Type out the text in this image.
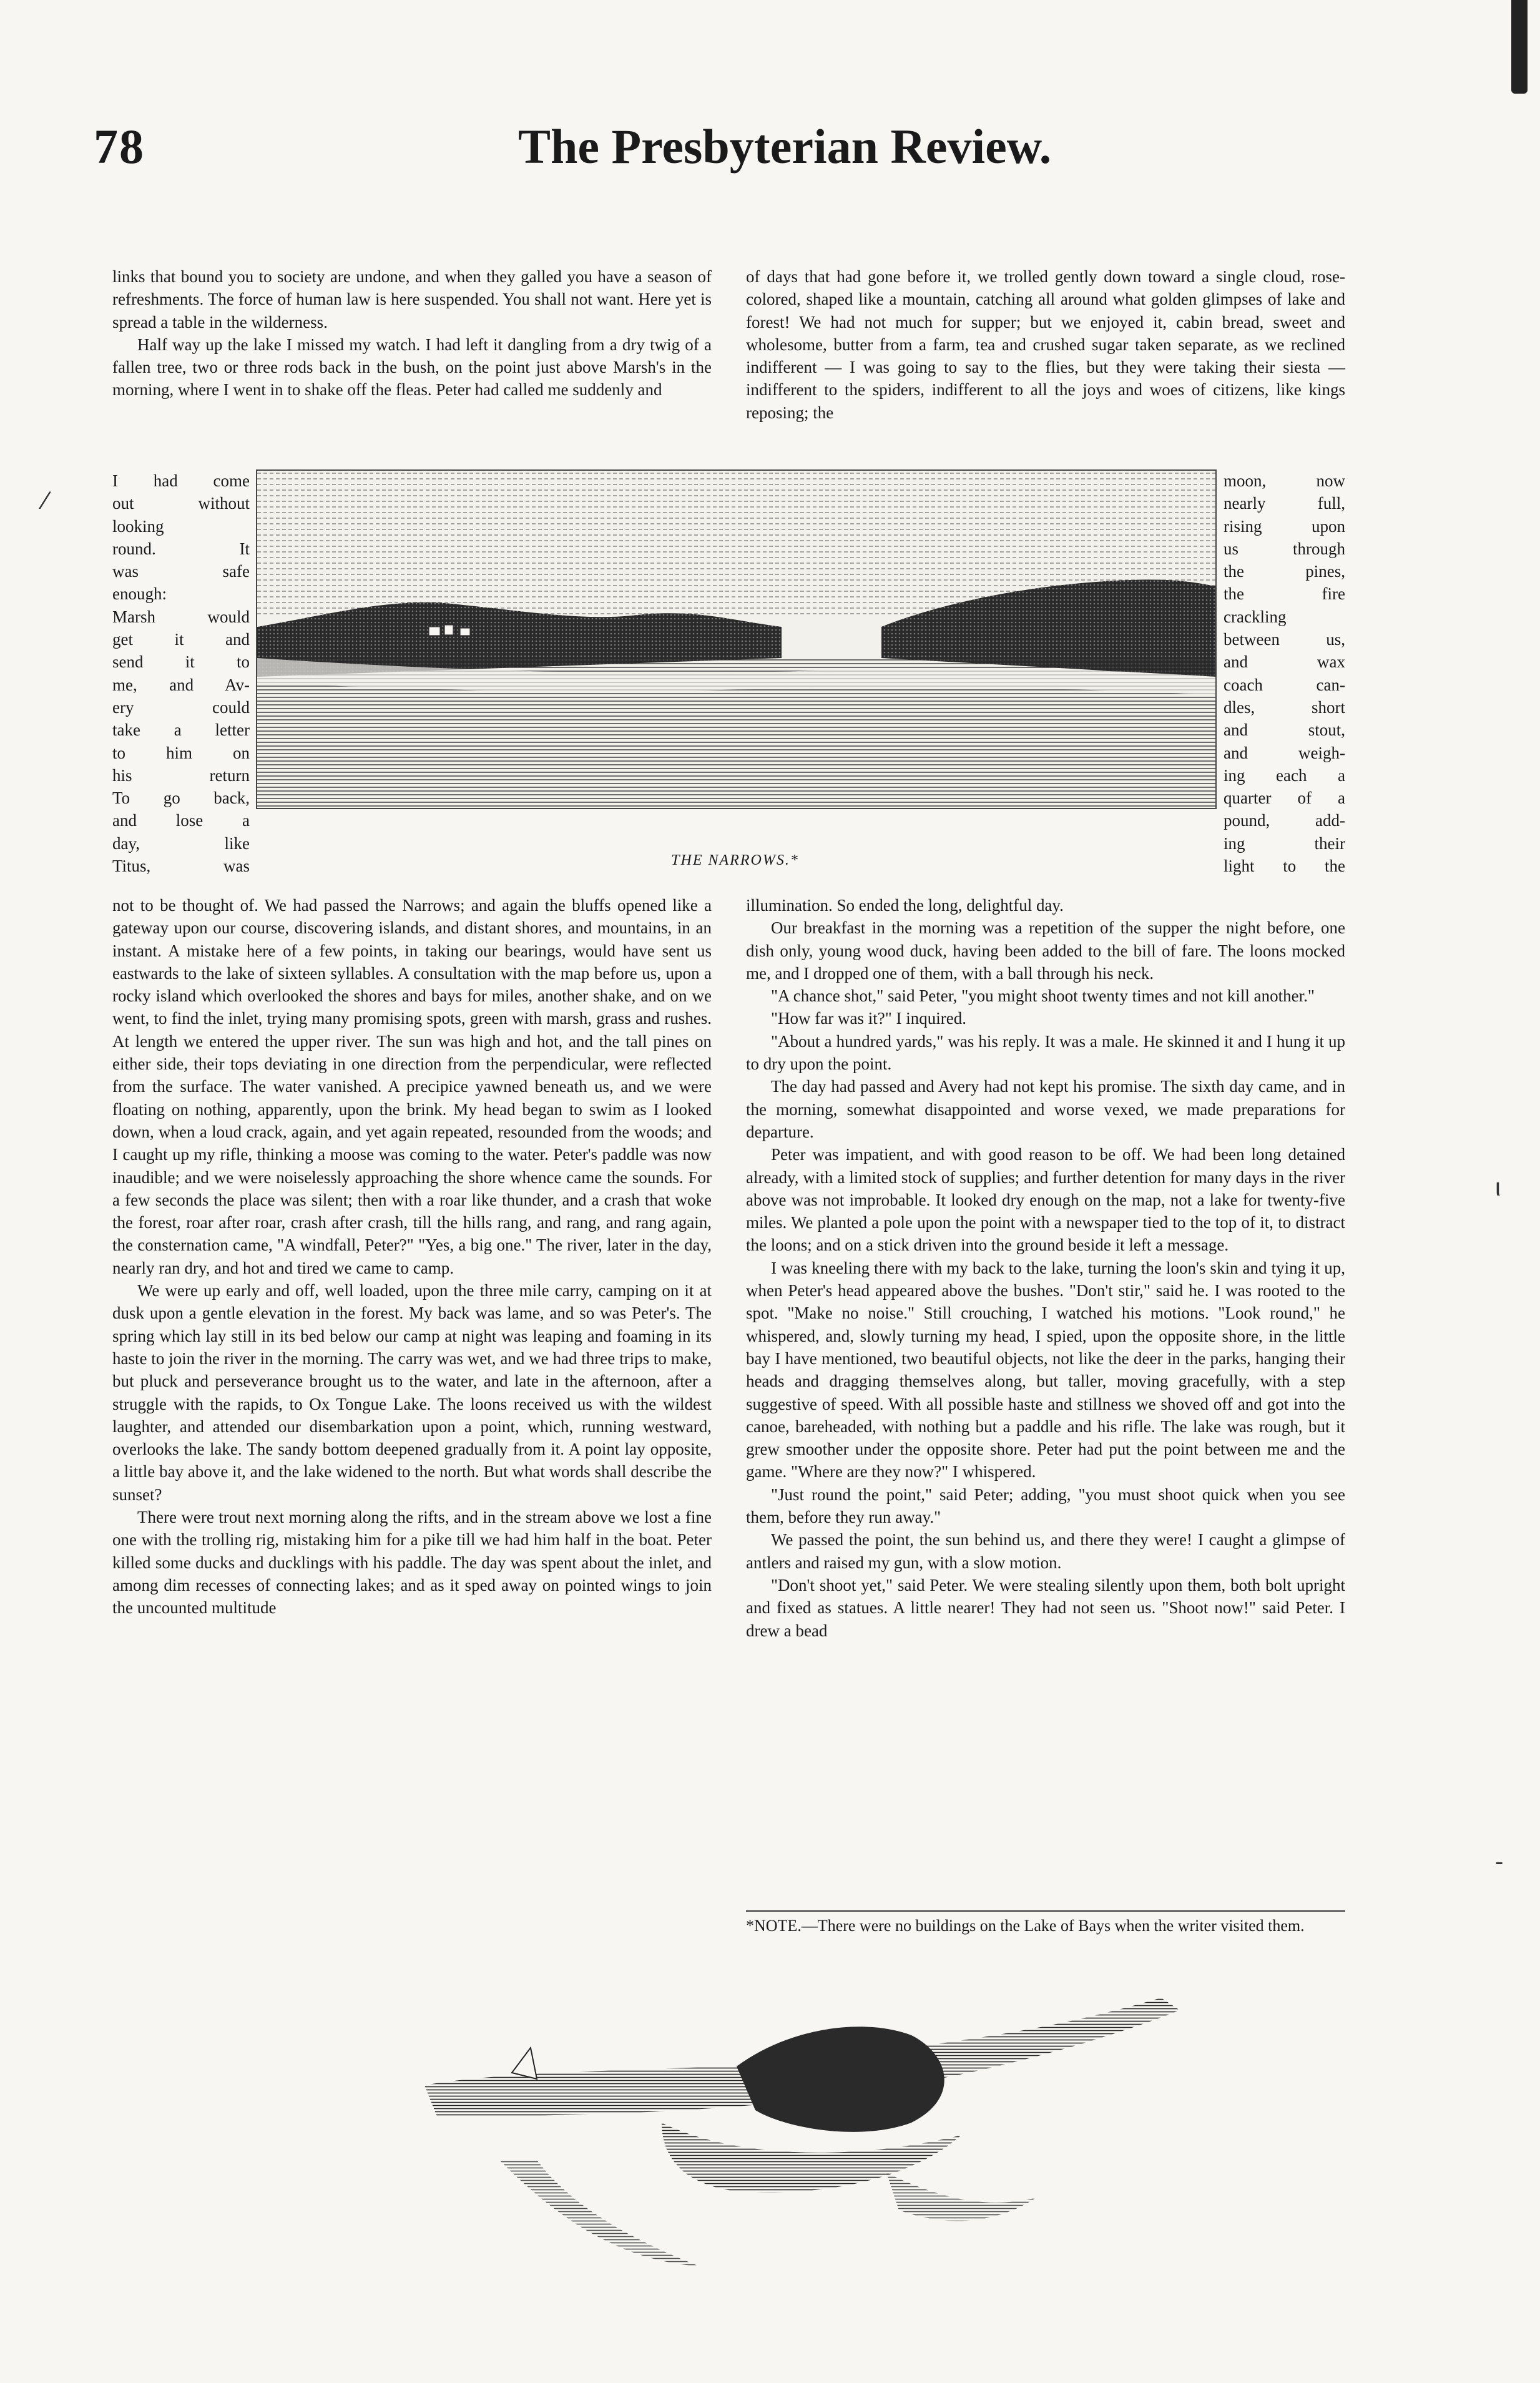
78	The Presbyterian Review.

links that bound you to society are undone, and when they galled you have a season of refreshments. The force of human law is here suspended. You shall not want. Here yet is spread a table in the wilderness.

Half way up the lake I missed my watch. I had left it dangling from a dry twig of a fallen tree, two or three rods back in the bush, on the point just above Marsh's in the morning, where I went in to shake off the fleas. Peter had called me suddenly and

of days that had gone before it, we trolled gently down toward a single cloud, rose-colored, shaped like a mountain, catching all around what golden glimpses of lake and forest! We had not much for supper; but we enjoyed it, cabin bread, sweet and wholesome, butter from a farm, tea and crushed sugar taken separate, as we reclined indifferent — I was going to say to the flies, but they were taking their siesta — indifferent to the spiders, indifferent to all the joys and woes of citizens, like kings reposing; the

I had come
out without
looking
round. It
was safe
enough:
Marsh would
get it and
send it to
me, and Av-
ery could
take a letter
to him on
his return
To go back,
and lose a
day, like
Titus, was
moon, now
nearly full,
rising upon
us through
the pines,
the fire
crackling
between us,
and wax
coach can-
dles, short
and stout,
and weigh-
ing each a
quarter of a
pound, add-
ing their
light to the
THE NARROWS.*

not to be thought of. We had passed the Narrows; and again the bluffs opened like a gateway upon our course, discovering islands, and distant shores, and mountains, in an instant. A mistake here of a few points, in taking our bearings, would have sent us eastwards to the lake of sixteen syllables. A consultation with the map before us, upon a rocky island which overlooked the shores and bays for miles, another shake, and on we went, to find the inlet, trying many promising spots, green with marsh, grass and rushes. At length we entered the upper river. The sun was high and hot, and the tall pines on either side, their tops deviating in one direction from the perpendicular, were reflected from the surface. The water vanished. A precipice yawned beneath us, and we were floating on nothing, apparently, upon the brink. My head began to swim as I looked down, when a loud crack, again, and yet again repeated, resounded from the woods; and I caught up my rifle, thinking a moose was coming to the water. Peter's paddle was now inaudible; and we were noiselessly approaching the shore whence came the sounds. For a few seconds the place was silent; then with a roar like thunder, and a crash that woke the forest, roar after roar, crash after crash, till the hills rang, and rang, and rang again, the consternation came, "A windfall, Peter?" "Yes, a big one." The river, later in the day, nearly ran dry, and hot and tired we came to camp.

We were up early and off, well loaded, upon the three mile carry, camping on it at dusk upon a gentle elevation in the forest. My back was lame, and so was Peter's. The spring which lay still in its bed below our camp at night was leaping and foaming in its haste to join the river in the morning. The carry was wet, and we had three trips to make, but pluck and perseverance brought us to the water, and late in the afternoon, after a struggle with the rapids, to Ox Tongue Lake. The loons received us with the wildest laughter, and attended our disembarkation upon a point, which, running westward, overlooks the lake. The sandy bottom deepened gradually from it. A point lay opposite, a little bay above it, and the lake widened to the north. But what words shall describe the sunset?

There were trout next morning along the rifts, and in the stream above we lost a fine one with the trolling rig, mistaking him for a pike till we had him half in the boat. Peter killed some ducks and ducklings with his paddle. The day was spent about the inlet, and among dim recesses of connecting lakes; and as it sped away on pointed wings to join the uncounted multitude

illumination. So ended the long, delightful day.

Our breakfast in the morning was a repetition of the supper the night before, one dish only, young wood duck, having been added to the bill of fare. The loons mocked me, and I dropped one of them, with a ball through his neck.

"A chance shot," said Peter, "you might shoot twenty times and not kill another."

"How far was it?" I inquired.

"About a hundred yards," was his reply. It was a male. He skinned it and I hung it up to dry upon the point.

The day had passed and Avery had not kept his promise. The sixth day came, and in the morning, somewhat disappointed and worse vexed, we made preparations for departure.

Peter was impatient, and with good reason to be off. We had been long detained already, with a limited stock of supplies; and further detention for many days in the river above was not improbable. It looked dry enough on the map, not a lake for twenty-five miles. We planted a pole upon the point with a newspaper tied to the top of it, to distract the loons; and on a stick driven into the ground beside it left a message.

I was kneeling there with my back to the lake, turning the loon's skin and tying it up, when Peter's head appeared above the bushes. "Don't stir," said he. I was rooted to the spot. "Make no noise." Still crouching, I watched his motions. "Look round," he whispered, and, slowly turning my head, I spied, upon the opposite shore, in the little bay I have mentioned, two beautiful objects, not like the deer in the parks, hanging their heads and dragging themselves along, but taller, moving gracefully, with a step suggestive of speed. With all possible haste and stillness we shoved off and got into the canoe, bareheaded, with nothing but a paddle and his rifle. The lake was rough, but it grew smoother under the opposite shore. Peter had put the point between me and the game. "Where are they now?" I whispered.

"Just round the point," said Peter; adding, "you must shoot quick when you see them, before they run away."

We passed the point, the sun behind us, and there they were! I caught a glimpse of antlers and raised my gun, with a slow motion.

"Don't shoot yet," said Peter. We were stealing silently upon them, both bolt upright and fixed as statues. A little nearer! They had not seen us. "Shoot now!" said Peter. I drew a bead

*NOTE.—There were no buildings on the Lake of Bays when the writer visited them.
⁄
ι
-
